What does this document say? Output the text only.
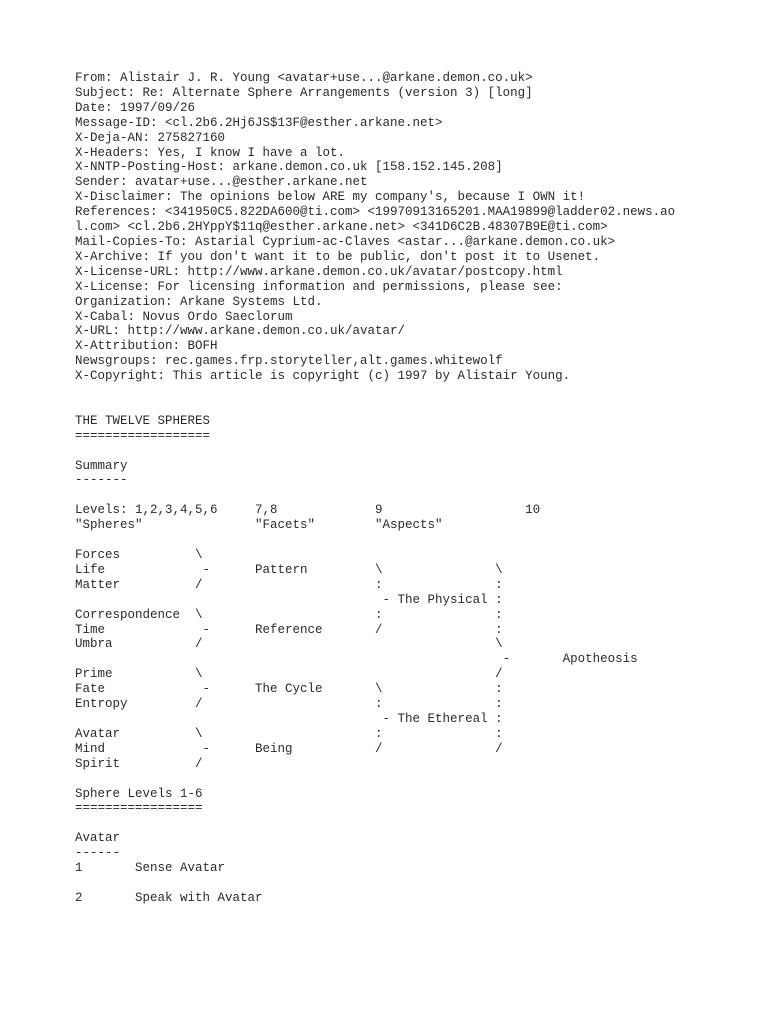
From: Alistair J. R. Young <avatar+use...@arkane.demon.co.uk>
Subject: Re: Alternate Sphere Arrangements (version 3) [long]
Date: 1997/09/26
Message-ID: <cl.2b6.2Hj6JS$13F@esther.arkane.net>
X-Deja-AN: 275827160
X-Headers: Yes, I know I have a lot.
X-NNTP-Posting-Host: arkane.demon.co.uk [158.152.145.208]
Sender: avatar+use...@esther.arkane.net
X-Disclaimer: The opinions below ARE my company's, because I OWN it!
References: <341950C5.822DA600@ti.com> <19970913165201.MAA19899@ladder02.news.ao
l.com> <cl.2b6.2HYppY$11q@esther.arkane.net> <341D6C2B.48307B9E@ti.com>
Mail-Copies-To: Astarial Cyprium-ac-Claves <astar...@arkane.demon.co.uk>
X-Archive: If you don't want it to be public, don't post it to Usenet.
X-License-URL: http://www.arkane.demon.co.uk/avatar/postcopy.html
X-License: For licensing information and permissions, please see:
Organization: Arkane Systems Ltd.
X-Cabal: Novus Ordo Saeclorum
X-URL: http://www.arkane.demon.co.uk/avatar/
X-Attribution: BOFH
Newsgroups: rec.games.frp.storyteller,alt.games.whitewolf
X-Copyright: This article is copyright (c) 1997 by Alistair Young.

THE TWELVE SPHERES
==================

Summary
-------

Levels: 1,2,3,4,5,6     7,8             9                   10
"Spheres"               "Facets"        "Aspects"

Forces          \
Life             -      Pattern         \               \
Matter          /                       :               :
- The Physical :
Correspondence  \                       :               :
Time             -      Reference       /               :
Umbra           /                                       \
-       Apotheosis
Prime           \                                       /
Fate             -      The Cycle       \               :
Entropy         /                       :               :
- The Ethereal :
Avatar          \                       :               :
Mind             -      Being           /               /
Spirit          /

Sphere Levels 1-6
=================

Avatar
------
1       Sense Avatar

2       Speak with Avatar
